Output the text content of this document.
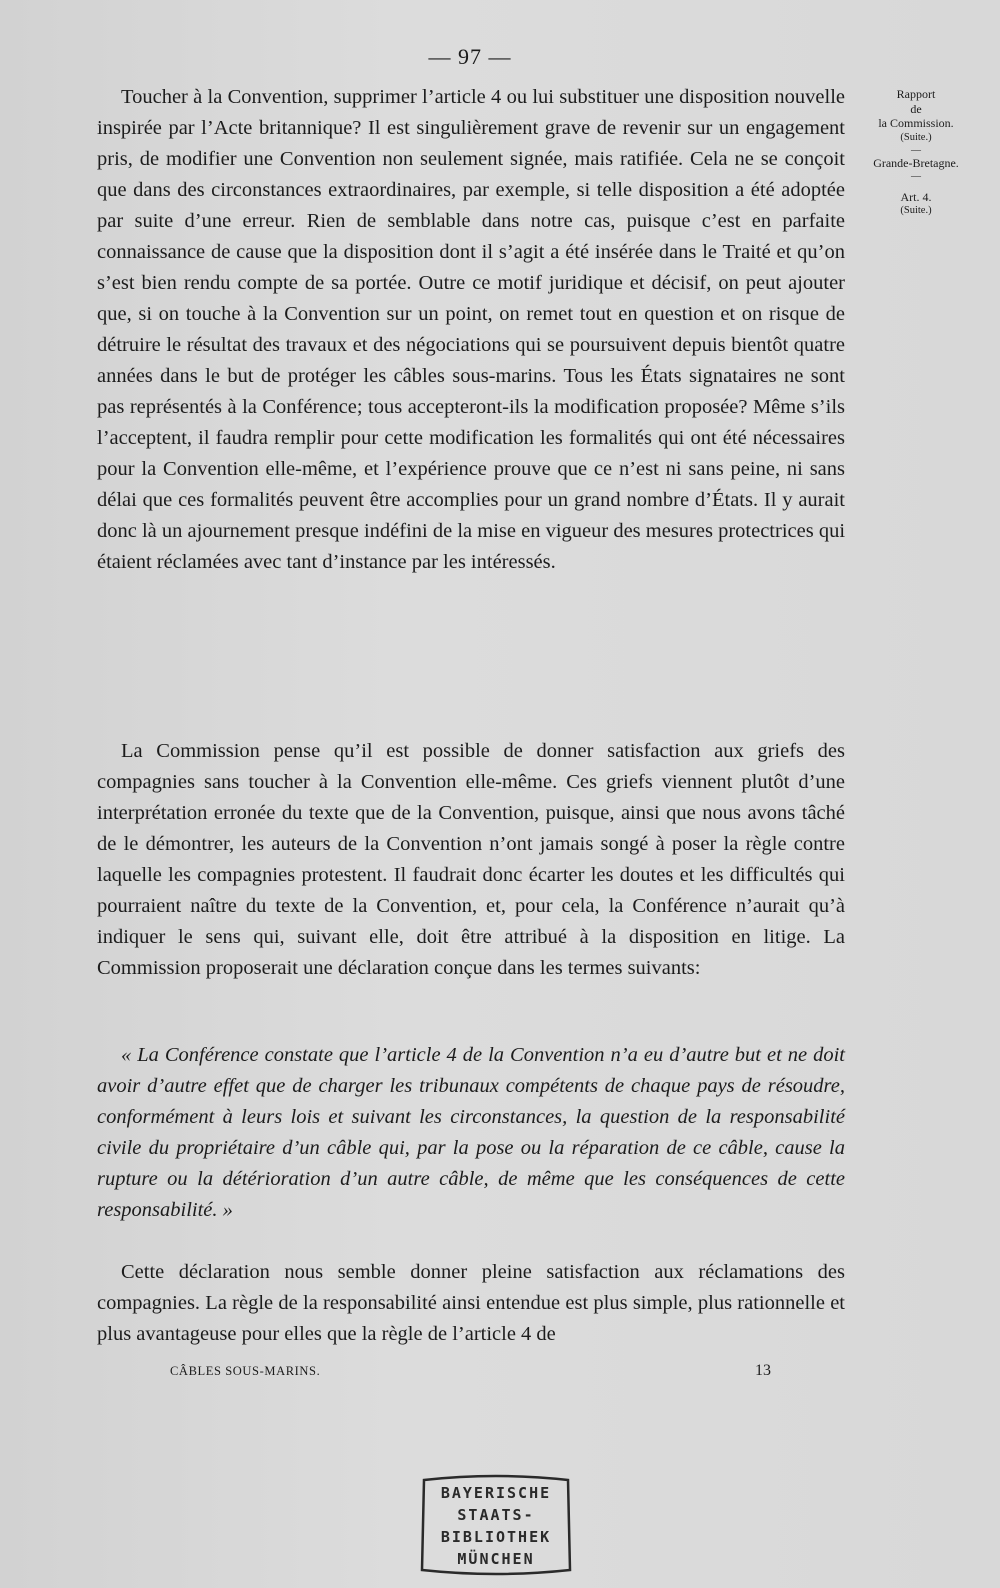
— 97 —
Rapport
de
la Commission.
(Suite.)
—
Grande-Bretagne.
—
Art. 4.
(Suite.)

Toucher à la Convention, supprimer l’article 4 ou lui substituer une disposition nouvelle inspirée par l’Acte britannique? Il est singulièrement grave de revenir sur un engagement pris, de modifier une Convention non seulement signée, mais ratifiée. Cela ne se conçoit que dans des circonstances extraordinaires, par exemple, si telle disposition a été adoptée par suite d’une erreur. Rien de semblable dans notre cas, puisque c’est en parfaite connaissance de cause que la disposition dont il s’agit a été insérée dans le Traité et qu’on s’est bien rendu compte de sa portée. Outre ce motif juridique et décisif, on peut ajouter que, si on touche à la Convention sur un point, on remet tout en question et on risque de détruire le résultat des travaux et des négociations qui se poursuivent depuis bientôt quatre années dans le but de protéger les câbles sous-marins. Tous les États signataires ne sont pas représentés à la Conférence; tous accepteront-ils la modification proposée? Même s’ils l’acceptent, il faudra remplir pour cette modification les formalités qui ont été nécessaires pour la Convention elle-même, et l’expérience prouve que ce n’est ni sans peine, ni sans délai que ces formalités peuvent être accomplies pour un grand nombre d’États. Il y aurait donc là un ajournement presque indéfini de la mise en vigueur des mesures protectrices qui étaient réclamées avec tant d’instance par les intéressés.

La Commission pense qu’il est possible de donner satisfaction aux griefs des compagnies sans toucher à la Convention elle-même. Ces griefs viennent plutôt d’une interprétation erronée du texte que de la Convention, puisque, ainsi que nous avons tâché de le démontrer, les auteurs de la Convention n’ont jamais songé à poser la règle contre laquelle les compagnies protestent. Il faudrait donc écarter les doutes et les difficultés qui pourraient naître du texte de la Convention, et, pour cela, la Conférence n’aurait qu’à indiquer le sens qui, suivant elle, doit être attribué à la disposition en litige. La Commission proposerait une déclaration conçue dans les termes suivants:

« La Conférence constate que l’article 4 de la Convention n’a eu d’autre but et ne doit avoir d’autre effet que de charger les tribunaux compétents de chaque pays de résoudre, conformément à leurs lois et suivant les circonstances, la question de la responsabilité civile du propriétaire d’un câble qui, par la pose ou la réparation de ce câble, cause la rupture ou la détérioration d’un autre câble, de même que les conséquences de cette responsabilité. »

Cette déclaration nous semble donner pleine satisfaction aux réclamations des compagnies. La règle de la responsabilité ainsi entendue est plus simple, plus rationnelle et plus avantageuse pour elles que la règle de l’article 4 de

CÂBLES SOUS-MARINS.	13
BAYERISCHE
STAATS-
BIBLIOTHEK
MÜNCHEN
